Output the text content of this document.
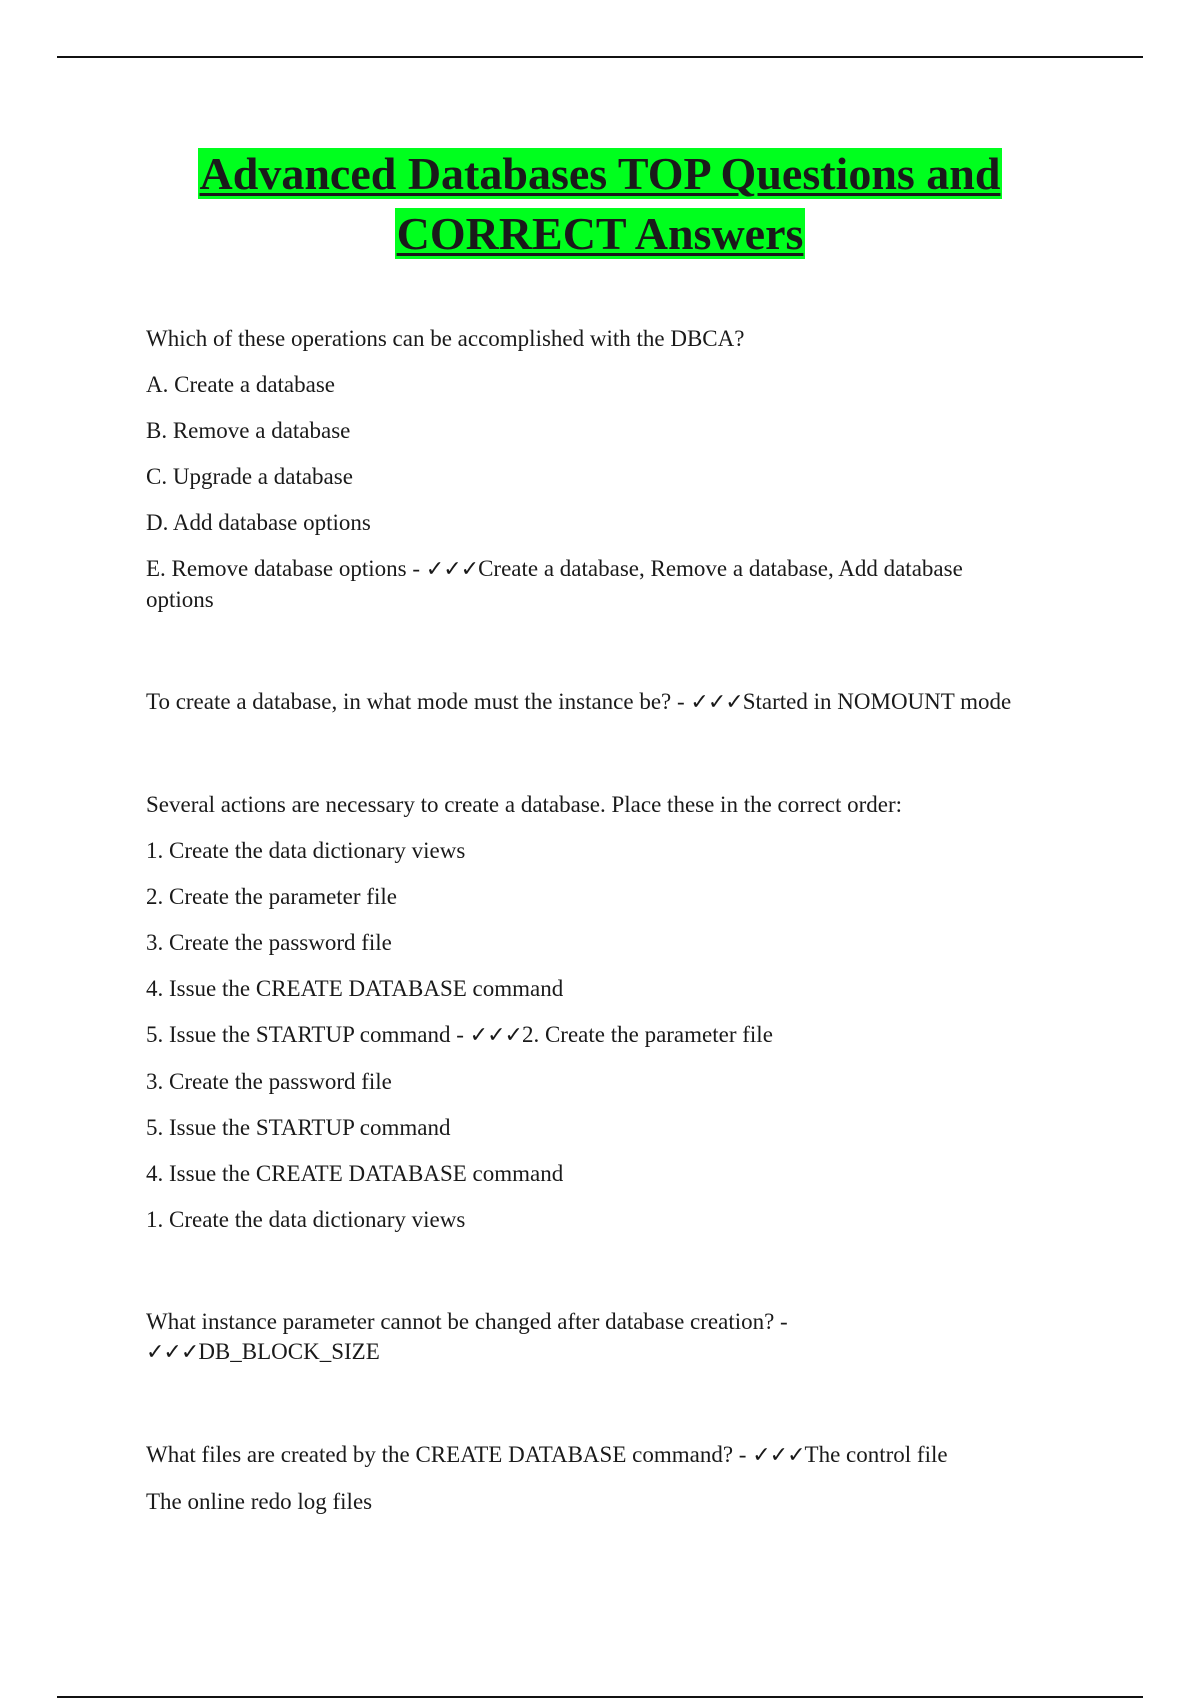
Advanced Databases TOP Questions and
CORRECT Answers

Which of these operations can be accomplished with the DBCA?

A. Create a database

B. Remove a database

C. Upgrade a database

D. Add database options

E. Remove database options - ✓✓✓Create a database, Remove a database, Add database options

To create a database, in what mode must the instance be? - ✓✓✓Started in NOMOUNT mode

Several actions are necessary to create a database. Place these in the correct order:

1. Create the data dictionary views

2. Create the parameter file

3. Create the password file

4. Issue the CREATE DATABASE command

5. Issue the STARTUP command - ✓✓✓2. Create the parameter file

3. Create the password file

5. Issue the STARTUP command

4. Issue the CREATE DATABASE command

1. Create the data dictionary views

What instance parameter cannot be changed after database creation? - ✓✓✓DB_BLOCK_SIZE

What files are created by the CREATE DATABASE command? - ✓✓✓The control file

The online redo log files
